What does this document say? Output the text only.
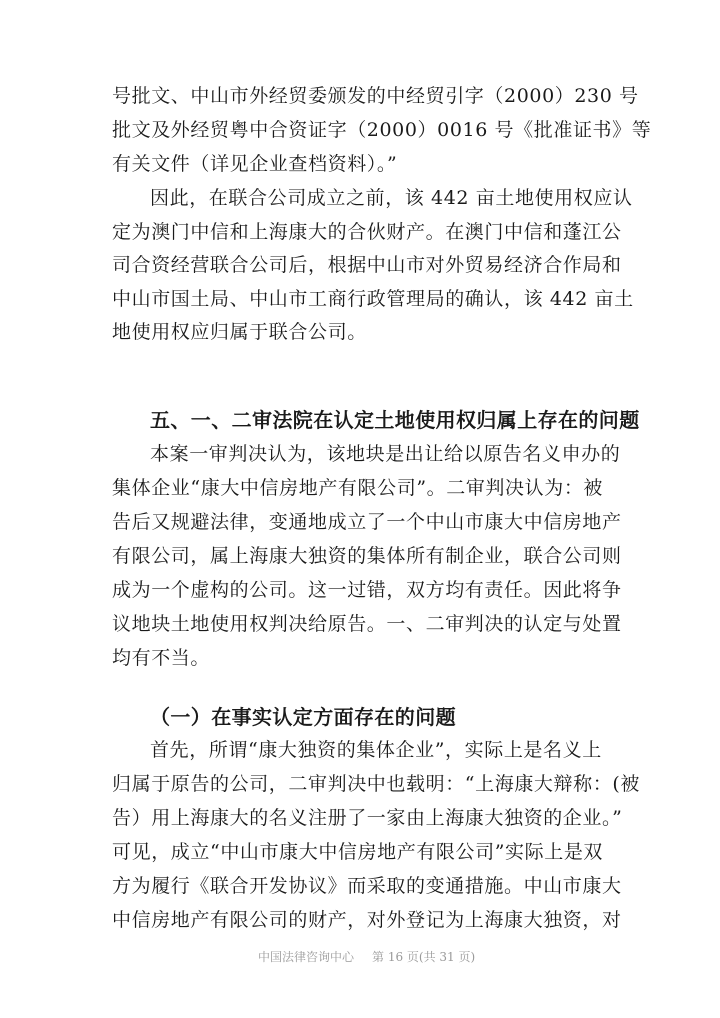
号批文、中山市外经贸委颁发的中经贸引字（2000）230 号
批文及外经贸粤中合资证字（2000）0016 号《批准证书》等
有关文件（详见企业查档资料）。”
因此，在联合公司成立之前，该 442 亩土地使用权应认
定为澳门中信和上海康大的合伙财产。在澳门中信和蓬江公
司合资经营联合公司后，根据中山市对外贸易经济合作局和
中山市国土局、中山市工商行政管理局的确认，该 442 亩土
地使用权应归属于联合公司。
五、一、二审法院在认定土地使用权归属上存在的问题
本案一审判决认为，该地块是出让给以原告名义申办的
集体企业“康大中信房地产有限公司”。二审判决认为：被
告后又规避法律，变通地成立了一个中山市康大中信房地产
有限公司，属上海康大独资的集体所有制企业，联合公司则
成为一个虚构的公司。这一过错，双方均有责任。因此将争
议地块土地使用权判决给原告。一、二审判决的认定与处置
均有不当。
（一）在事实认定方面存在的问题
首先，所谓“康大独资的集体企业”，实际上是名义上
归属于原告的公司，二审判决中也载明：“上海康大辩称：(被
告）用上海康大的名义注册了一家由上海康大独资的企业。”
可见，成立“中山市康大中信房地产有限公司”实际上是双
方为履行《联合开发协议》而采取的变通措施。中山市康大
中信房地产有限公司的财产，对外登记为上海康大独资，对
中国法律咨询中心 第 16 页(共 31 页)
